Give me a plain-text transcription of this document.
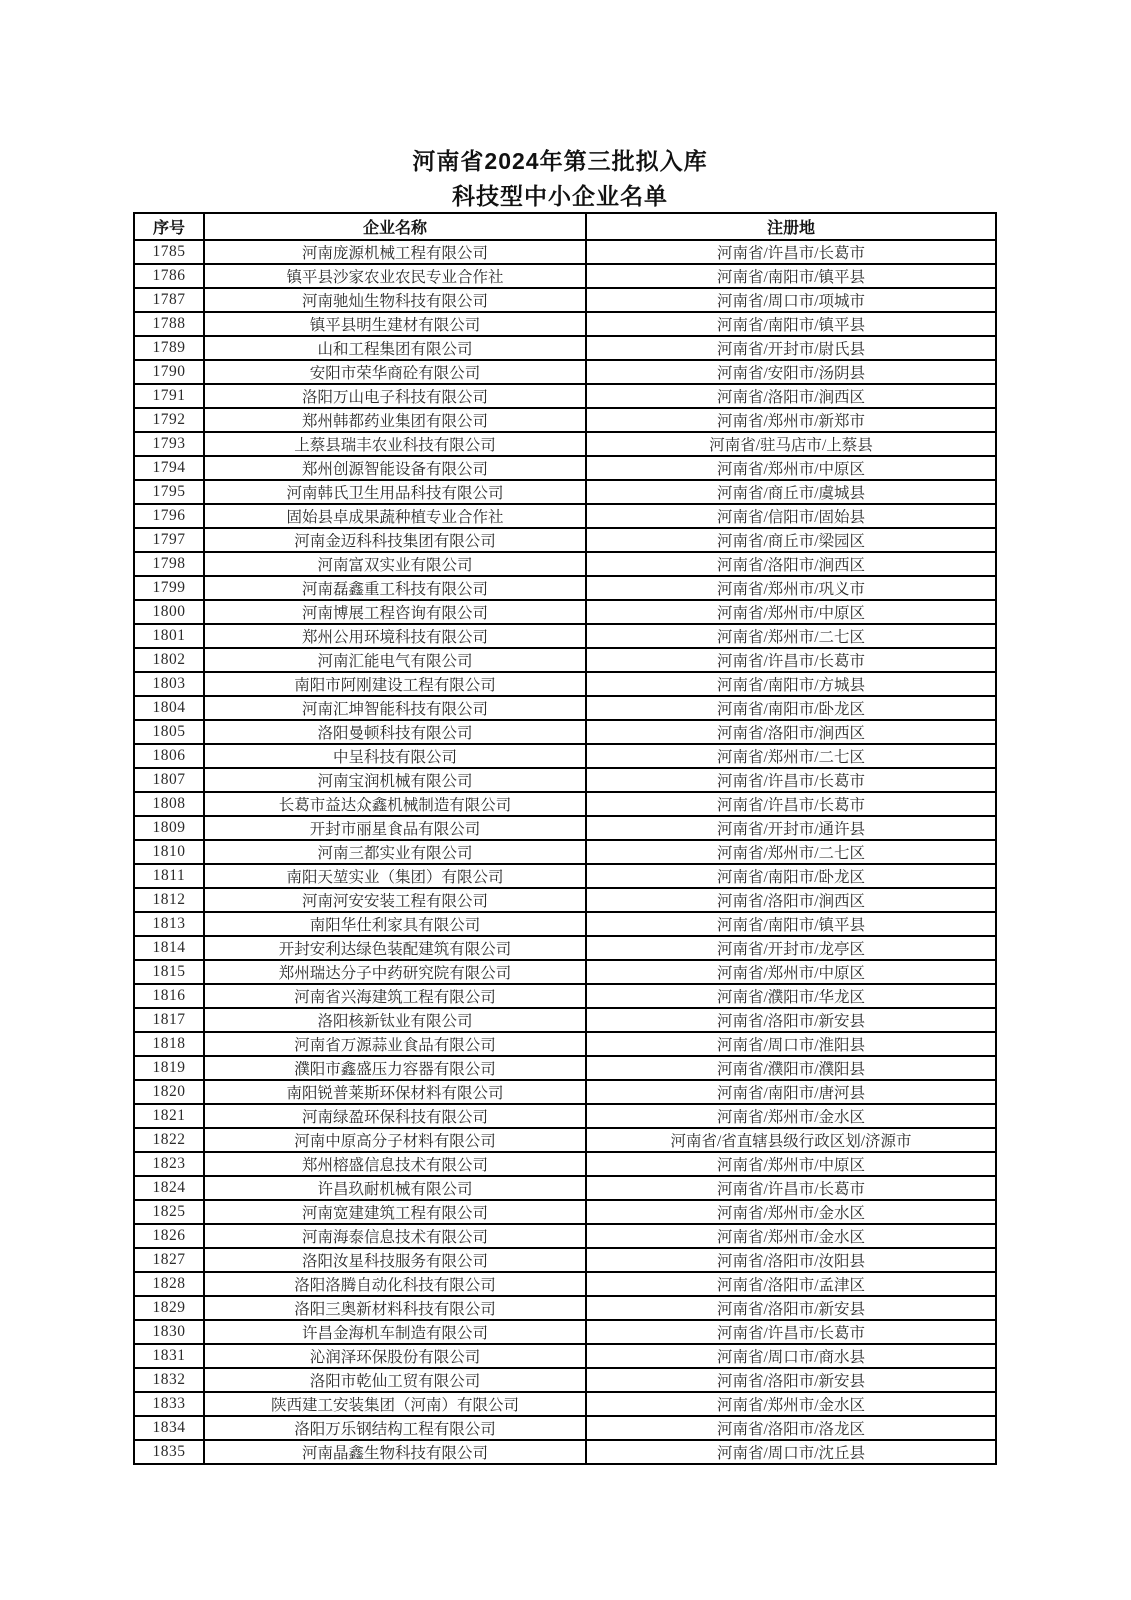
河南省2024年第三批拟入库
科技型中小企业名单
序号	企业名称	注册地
1785	河南庞源机械工程有限公司	河南省/许昌市/长葛市
1786	镇平县沙家农业农民专业合作社	河南省/南阳市/镇平县
1787	河南驰灿生物科技有限公司	河南省/周口市/项城市
1788	镇平县明生建材有限公司	河南省/南阳市/镇平县
1789	山和工程集团有限公司	河南省/开封市/尉氏县
1790	安阳市荣华商砼有限公司	河南省/安阳市/汤阴县
1791	洛阳万山电子科技有限公司	河南省/洛阳市/涧西区
1792	郑州韩都药业集团有限公司	河南省/郑州市/新郑市
1793	上蔡县瑞丰农业科技有限公司	河南省/驻马店市/上蔡县
1794	郑州创源智能设备有限公司	河南省/郑州市/中原区
1795	河南韩氏卫生用品科技有限公司	河南省/商丘市/虞城县
1796	固始县卓成果蔬种植专业合作社	河南省/信阳市/固始县
1797	河南金迈科科技集团有限公司	河南省/商丘市/梁园区
1798	河南富双实业有限公司	河南省/洛阳市/涧西区
1799	河南磊鑫重工科技有限公司	河南省/郑州市/巩义市
1800	河南博展工程咨询有限公司	河南省/郑州市/中原区
1801	郑州公用环境科技有限公司	河南省/郑州市/二七区
1802	河南汇能电气有限公司	河南省/许昌市/长葛市
1803	南阳市阿刚建设工程有限公司	河南省/南阳市/方城县
1804	河南汇坤智能科技有限公司	河南省/南阳市/卧龙区
1805	洛阳曼顿科技有限公司	河南省/洛阳市/涧西区
1806	中呈科技有限公司	河南省/郑州市/二七区
1807	河南宝润机械有限公司	河南省/许昌市/长葛市
1808	长葛市益达众鑫机械制造有限公司	河南省/许昌市/长葛市
1809	开封市丽星食品有限公司	河南省/开封市/通许县
1810	河南三都实业有限公司	河南省/郑州市/二七区
1811	南阳天堃实业（集团）有限公司	河南省/南阳市/卧龙区
1812	河南河安安装工程有限公司	河南省/洛阳市/涧西区
1813	南阳华仕利家具有限公司	河南省/南阳市/镇平县
1814	开封安利达绿色装配建筑有限公司	河南省/开封市/龙亭区
1815	郑州瑞达分子中药研究院有限公司	河南省/郑州市/中原区
1816	河南省兴海建筑工程有限公司	河南省/濮阳市/华龙区
1817	洛阳核新钛业有限公司	河南省/洛阳市/新安县
1818	河南省万源蒜业食品有限公司	河南省/周口市/淮阳县
1819	濮阳市鑫盛压力容器有限公司	河南省/濮阳市/濮阳县
1820	南阳锐普莱斯环保材料有限公司	河南省/南阳市/唐河县
1821	河南绿盈环保科技有限公司	河南省/郑州市/金水区
1822	河南中原高分子材料有限公司	河南省/省直辖县级行政区划/济源市
1823	郑州榕盛信息技术有限公司	河南省/郑州市/中原区
1824	许昌玖耐机械有限公司	河南省/许昌市/长葛市
1825	河南宽建建筑工程有限公司	河南省/郑州市/金水区
1826	河南海泰信息技术有限公司	河南省/郑州市/金水区
1827	洛阳汝星科技服务有限公司	河南省/洛阳市/汝阳县
1828	洛阳洛腾自动化科技有限公司	河南省/洛阳市/孟津区
1829	洛阳三奥新材料科技有限公司	河南省/洛阳市/新安县
1830	许昌金海机车制造有限公司	河南省/许昌市/长葛市
1831	沁润泽环保股份有限公司	河南省/周口市/商水县
1832	洛阳市乾仙工贸有限公司	河南省/洛阳市/新安县
1833	陕西建工安装集团（河南）有限公司	河南省/郑州市/金水区
1834	洛阳万乐钢结构工程有限公司	河南省/洛阳市/洛龙区
1835	河南晶鑫生物科技有限公司	河南省/周口市/沈丘县
